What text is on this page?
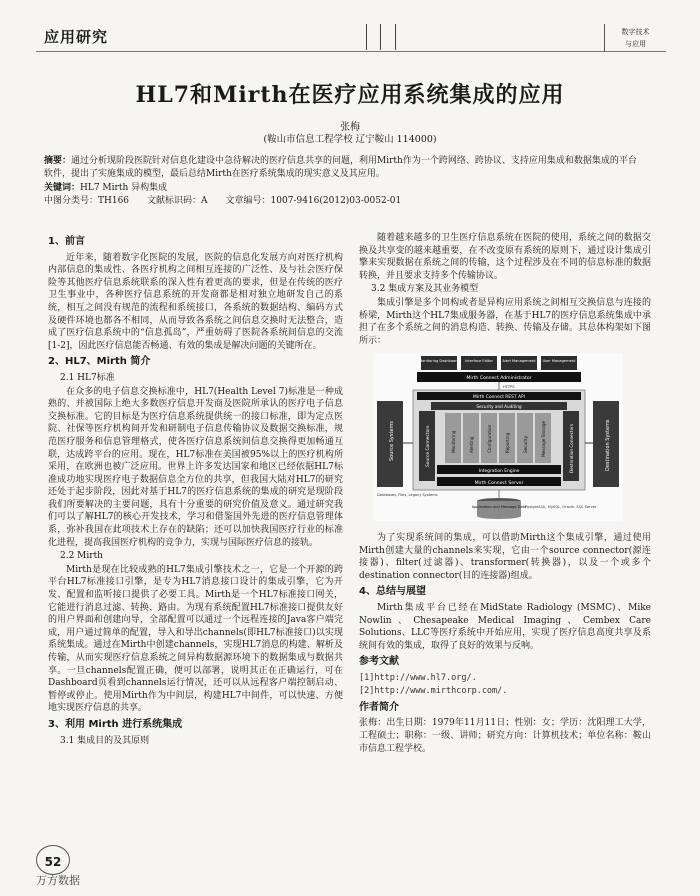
应用研究	数字技术
与应用
HL7和Mirth在医疗应用系统集成的应用
张梅
(鞍山市信息工程学校 辽宁鞍山 114000)
摘要：通过分析现阶段医院针对信息化建设中急待解决的医疗信息共享的问题，利用Mirth作为一个跨网络、跨协议、支持应用集成和数据集成的平台软件，提出了实施集成的模型，最后总结Mirth在医疗系统集成的现实意义及其应用。
关键词：HL7 Mirth 异构集成
中图分类号：TH166 文献标识码：A 文章编号：1007-9416(2012)03-0052-01
1、前言
近年来，随着数字化医院的发展，医院的信息化发展方向对医疗机构内部信息的集成性、各医疗机构之间相互连接的广泛性、及与社会医疗保险等其他医疗信息系统联系的深入性有着更高的要求，但是在传统的医疗卫生事业中，各种医疗信息系统的开发商都是相对独立地研发自己的系统，相互之间没有规范的流程和系统接口，各系统的数据结构、编码方式及硬件环境也都各不相同，从而导致各系统之间信息交换时无法整合，造成了医疗信息系统中的“信息孤岛”，严重妨碍了医院各系统间信息的交流[1-2]，因此医疗信息能否畅通、有效的集成是解决问题的关键所在。
2、HL7、Mirth 简介
2.1 HL7标准
在众多的电子信息交换标准中，HL7(Health Level 7)标准是一种成熟的、并被国际上绝大多数医疗信息开发商及医院所承认的医疗电子信息交换标准。它的目标是为医疗信息系统提供统一的接口标准，即为定点医院、社保等医疗机构间开发和研制电子信息传输协议及数据交换标准，规范医疗服务和信息管理格式，使各医疗信息系统间信息交换得更加畅通互联，达成跨平台的应用。现在，HL7标准在美国被95%以上的医疗机构所采用，在欧洲也被广泛应用。世界上许多发达国家和地区已经依据HL7标准成功地实现医疗电子数据信息全方位的共享，但我国大陆对HL7的研究还处于起步阶段，因此对基于HL7的医疗信息系统的集成的研究是现阶段我们所要解决的主要问题，具有十分重要的研究价值及意义。通过研究我们可以了解HL7的核心开发技术，学习和借鉴国外先进的医疗信息管理体系，弥补我国在此项技术上存在的缺陷；还可以加快我国医疗行业的标准化进程，提高我国医疗机构的竞争力，实现与国际医疗信息的接轨。
2.2 Mirth
Mirth是现在比较成熟的HL7集成引擎技术之一，它是一个开源的跨平台HL7标准接口引擎，是专为HL7消息接口设计的集成引擎，它为开发、配置和监听接口提供了必要工具。Mirth是一个HL7标准接口网关，它能进行消息过滤、转换、路由。为现有系统配置HL7标准接口提供友好的用户界面和创建向导，全部配置可以通过一个远程连接的Java客户端完成，用户通过简单的配置，导入和导出channels(即HL7标准接口)以实现系统集成。通过在Mirth中创建channels，实现HL7消息的构建、解析及传输，从而实现医疗信息系统之间异构数据源环境下的数据集成与数据共享。一旦channels配置正确，便可以部署，说明其正在正确运行，可在Dashboard页看到channels运行情况，还可以从远程客户端控制启动、暂停或停止。使用Mirth作为中间层，构建HL7中间件，可以快速、方便地实现医疗信息的共享。
3、利用 Mirth 进行系统集成
3.1 集成目的及其原则
随着越来越多的卫生医疗信息系统在医院的使用，系统之间的数据交换及共享变的越来越重要，在不改变原有系统的原则下，通过设计集成引擎来实现数据在系统之间的传输，这个过程涉及在不同的信息标准的数据转换，并且要求支持多个传输协议。
3.2 集成方案及其业务模型
集成引擎是多个同构或者是异构应用系统之间相互交换信息与连接的桥梁，Mirth这个HL7集成服务器，在基于HL7的医疗信息系统集成中承担了在多个系统之间的消息构造、转换、传输及存储。其总体构架如下图所示：
Monitoring Dashboard Interface Editor	Alert Management User Management
Mirth Connect Administrator
HTTPS
Mirth Connect REST API
Security and Auditing
Monitoring	Alerting	Configuration	Reporting	Security	Message Storage
Source Connectors	Destination Connectors
Integration Engine
Mirth Connect Server
Source Systems	Destination Systems
Databases, Files, Legacy Systems
Application and Message Data
PostgreSQL, MySQL, Oracle, SQL Server
为了实现系统间的集成，可以借助Mirth这个集成引擎，通过使用Mirth创建大量的channels来实现，它由一个source connector(源连接器)、filter(过滤器)、transformer(转换器)，以及一个或多个destination connector(目的连接器)组成。
4、总结与展望
Mirth集成平台已经在MidState Radiology (MSMC)、Mike Nowlin、Chesapeake Medical Imaging、Cembex Care Solutions、LLC等医疗系统中开始应用，实现了医疗信息高度共享及系统间有效的集成，取得了良好的效果与反响。
参考文献
[1]http://www.hl7.org/.
[2]http://www.mirthcorp.com/.
作者简介
张梅：出生日期：1979年11月11日；性别：女；学历：沈阳理工大学，工程硕士；职称：一级、讲师；研究方向：计算机技术；单位名称：鞍山市信息工程学校。
52
万方数据
